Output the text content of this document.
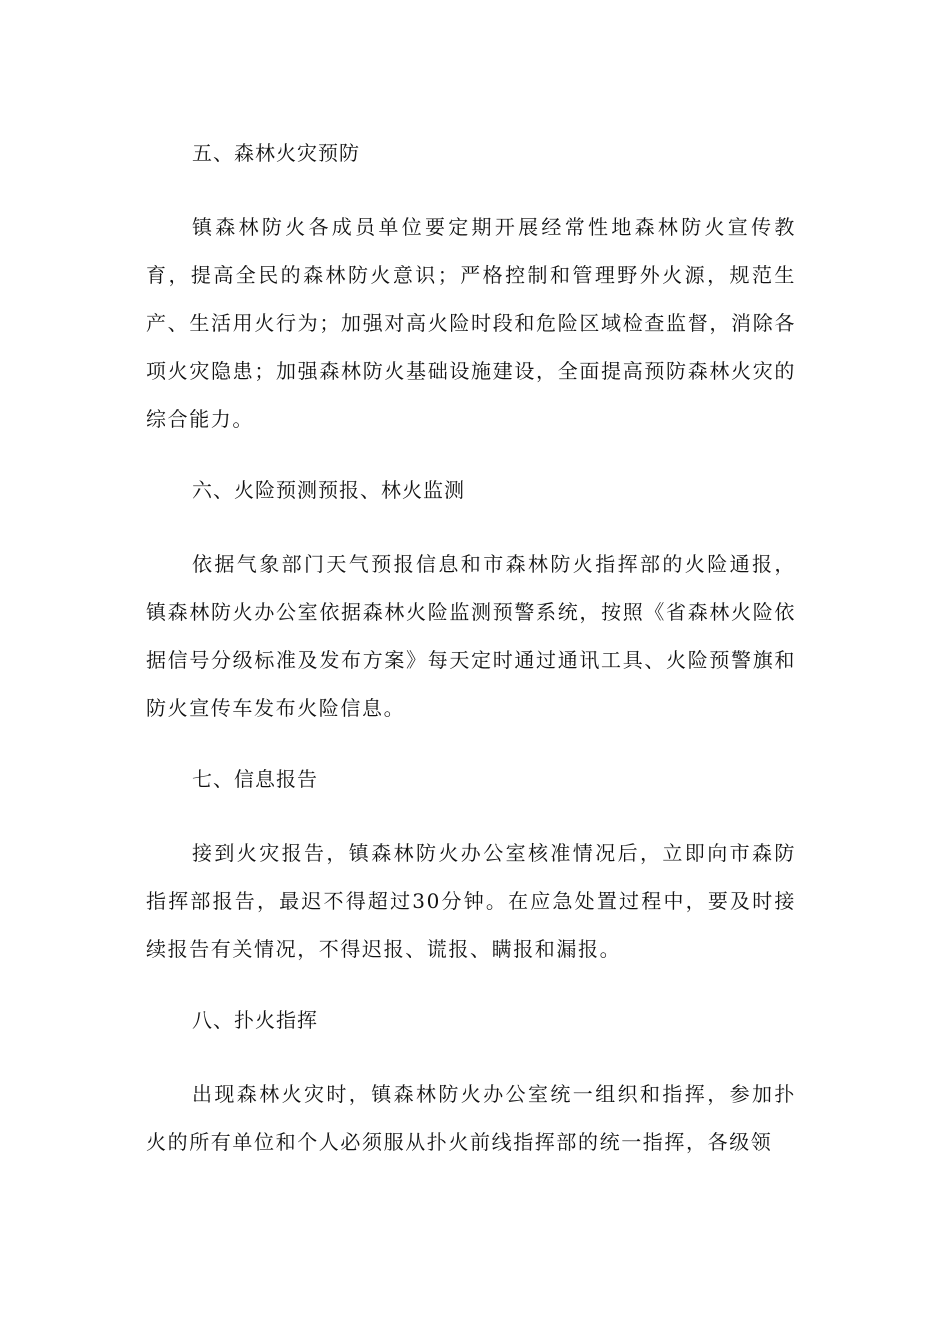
五、森林火灾预防

镇森林防火各成员单位要定期开展经常性地森林防火宣传教育，提高全民的森林防火意识；严格控制和管理野外火源，规范生产、生活用火行为；加强对高火险时段和危险区域检查监督，消除各项火灾隐患；加强森林防火基础设施建设，全面提高预防森林火灾的综合能力。

六、火险预测预报、林火监测

依据气象部门天气预报信息和市森林防火指挥部的火险通报，镇森林防火办公室依据森林火险监测预警系统，按照《省森林火险依据信号分级标准及发布方案》每天定时通过通讯工具、火险预警旗和防火宣传车发布火险信息。

七、信息报告

接到火灾报告，镇森林防火办公室核准情况后，立即向市森防指挥部报告，最迟不得超过30分钟。在应急处置过程中，要及时接续报告有关情况，不得迟报、谎报、瞒报和漏报。

八、扑火指挥

出现森林火灾时，镇森林防火办公室统一组织和指挥，参加扑火的所有单位和个人必须服从扑火前线指挥部的统一指挥，各级领
